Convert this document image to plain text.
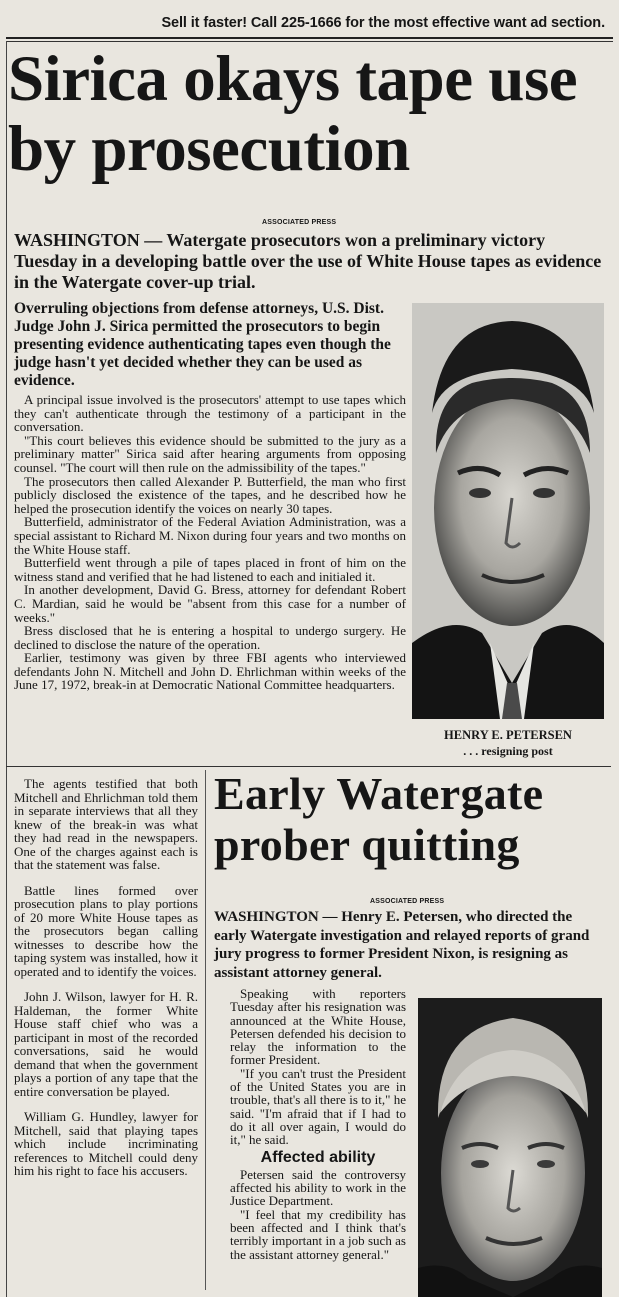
Sell it faster! Call 225-1666 for the most effective want ad section.
Sirica okays tape use by prosecution
ASSOCIATED PRESS
WASHINGTON — Watergate prosecutors won a preliminary victory Tuesday in a developing battle over the use of White House tapes as evidence in the Watergate cover-up trial.
Overruling objections from defense attorneys, U.S. Dist. Judge John J. Sirica permitted the prosecutors to begin presenting evidence authenticating tapes even though the judge hasn't yet decided whether they can be used as evidence.

A principal issue involved is the prosecutors' attempt to use tapes which they can't authenticate through the testimony of a participant in the conversation.

"This court believes this evidence should be submitted to the jury as a preliminary matter" Sirica said after hearing arguments from opposing counsel. "The court will then rule on the admissibility of the tapes."

The prosecutors then called Alexander P. Butterfield, the man who first publicly disclosed the existence of the tapes, and he described how he helped the prosecution identify the voices on nearly 30 tapes.

Butterfield, administrator of the Federal Aviation Administration, was a special assistant to Richard M. Nixon during four years and two months on the White House staff.

Butterfield went through a pile of tapes placed in front of him on the witness stand and verified that he had listened to each and initialed it.

In another development, David G. Bress, attorney for defendant Robert C. Mardian, said he would be "absent from this case for a number of weeks."

Bress disclosed that he is entering a hospital to undergo surgery. He declined to disclose the nature of the operation.

Earlier, testimony was given by three FBI agents who interviewed defendants John N. Mitchell and John D. Ehrlichman within weeks of the June 17, 1972, break-in at Democratic National Committee headquarters.

HENRY E. PETERSEN
. . . resigning post

The agents testified that both Mitchell and Ehrlichman told them in separate interviews that all they knew of the break-in was what they had read in the newspapers. One of the charges against each is that the statement was false.

Battle lines formed over prosecution plans to play portions of 20 more White House tapes as the prosecutors began calling witnesses to describe how the taping system was installed, how it operated and to identify the voices.

John J. Wilson, lawyer for H. R. Haldeman, the former White House staff chief who was a participant in most of the recorded conversations, said he would demand that when the government plays a portion of any tape that the entire conversation be played.

William G. Hundley, lawyer for Mitchell, said that playing tapes which include incriminating references to Mitchell could deny him his right to face his accusers.

Early Watergate prober quitting
ASSOCIATED PRESS
WASHINGTON — Henry E. Petersen, who directed the early Watergate investigation and relayed reports of grand jury progress to former President Nixon, is resigning as assistant attorney general.

Speaking with reporters Tuesday after his resignation was announced at the White House, Petersen defended his decision to relay the information to the former President.

"If you can't trust the President of the United States you are in trouble, that's all there is to it," he said. "I'm afraid that if I had to do it all over again, I would do it," he said.

Affected ability

Petersen said the controversy affected his ability to work in the Justice Department.

"I feel that my credibility has been affected and I think that's terribly important in a job such as the assistant attorney general."
